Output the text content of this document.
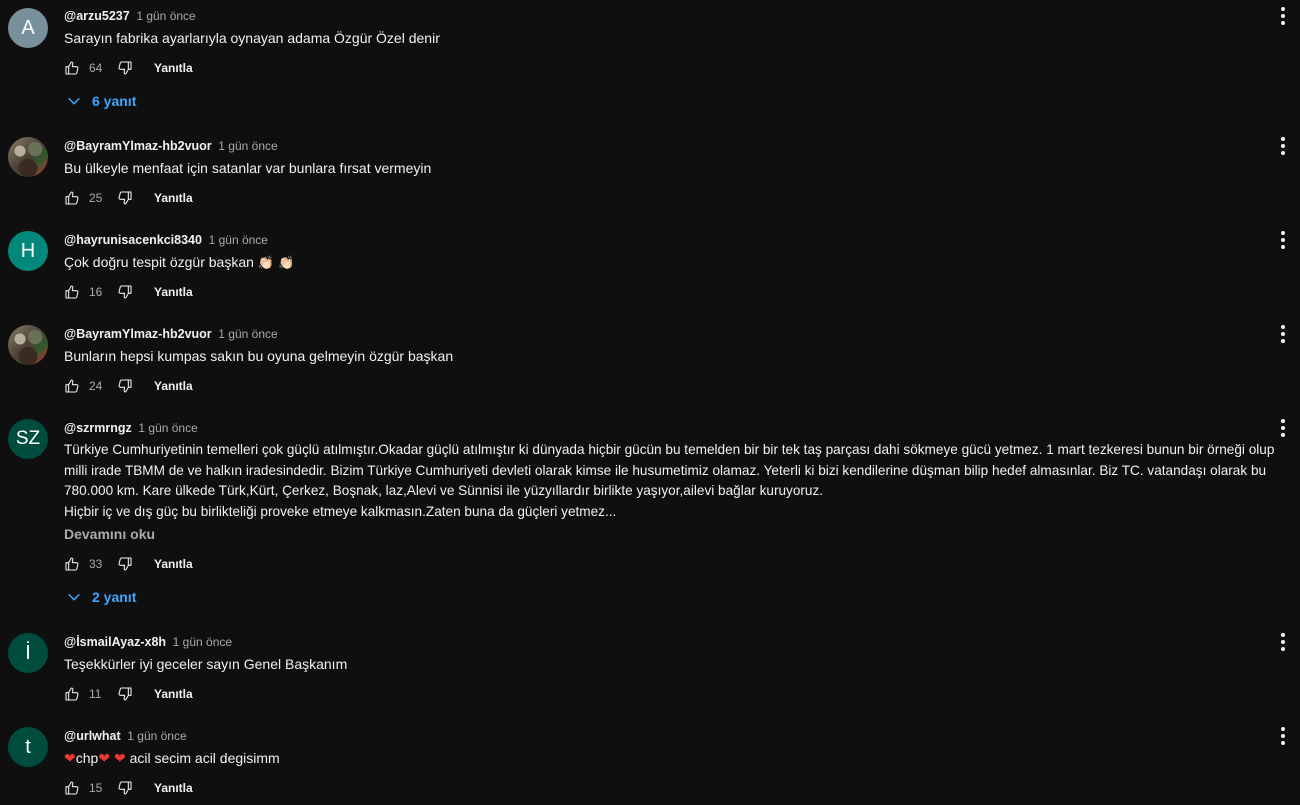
A
@arzu5237 1 gün önce
Sarayın fabrika ayarlarıyla oynayan adama Özgür Özel denir
64	Yanıtla
6 yanıt
@BayramYlmaz-hb2vuor 1 gün önce
Bu ülkeyle menfaat için satanlar var bunlara fırsat vermeyin
25	Yanıtla
H	@hayrunisacenkci8340 1 gün önce
Çok doğru tespit özgür başkan 👏🏻 👏🏻
16	Yanıtla
@BayramYlmaz-hb2vuor 1 gün önce
Bunların hepsi kumpas sakın bu oyuna gelmeyin özgür başkan
24	Yanıtla
SZ	@szrmrngz 1 gün önce
Türkiye Cumhuriyetinin temelleri çok güçlü atılmıştır.Okadar güçlü atılmıştır ki dünyada hiçbir gücün bu temelden bir bir tek taş parçası dahi sökmeye gücü yetmez. 1 mart tezkeresi bunun bir örneği olup milli irade TBMM de ve halkın iradesindedir. Bizim Türkiye Cumhuriyeti devleti olarak kimse ile husumetimiz olamaz. Yeterli ki bizi kendilerine düşman bilip hedef almasınlar. Biz TC. vatandaşı olarak bu 780.000 km. Kare ülkede Türk,Kürt, Çerkez, Boşnak, laz,Alevi ve Sünnisi ile yüzyıllardır birlikte yaşıyor,ailevi bağlar kuruyoruz.
Hiçbir iç ve dış güç bu birlikteliği proveke etmeye kalkmasın.Zaten buna da güçleri yetmez...
Devamını oku
33	Yanıtla
2 yanıt
İ	@İsmailAyaz-x8h 1 gün önce
Teşekkürler iyi geceler sayın Genel Başkanım
11	Yanıtla
t	@urlwhat 1 gün önce
❤chp❤ ❤ acil secim acil degisimm
15	Yanıtla
